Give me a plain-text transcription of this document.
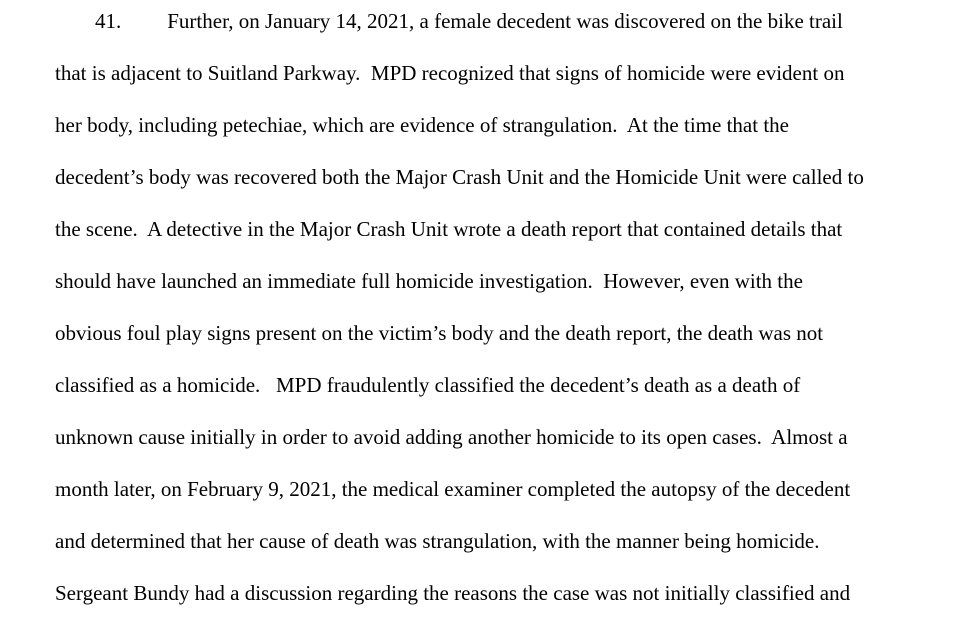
41. Further, on January 14, 2021, a female decedent was discovered on the bike trail
that is adjacent to Suitland Parkway.  MPD recognized that signs of homicide were evident on
her body, including petechiae, which are evidence of strangulation.  At the time that the
decedent’s body was recovered both the Major Crash Unit and the Homicide Unit were called to
the scene.  A detective in the Major Crash Unit wrote a death report that contained details that
should have launched an immediate full homicide investigation.  However, even with the
obvious foul play signs present on the victim’s body and the death report, the death was not
classified as a homicide.   MPD fraudulently classified the decedent’s death as a death of
unknown cause initially in order to avoid adding another homicide to its open cases.  Almost a
month later, on February 9, 2021, the medical examiner completed the autopsy of the decedent
and determined that her cause of death was strangulation, with the manner being homicide.
Sergeant Bundy had a discussion regarding the reasons the case was not initially classified and
